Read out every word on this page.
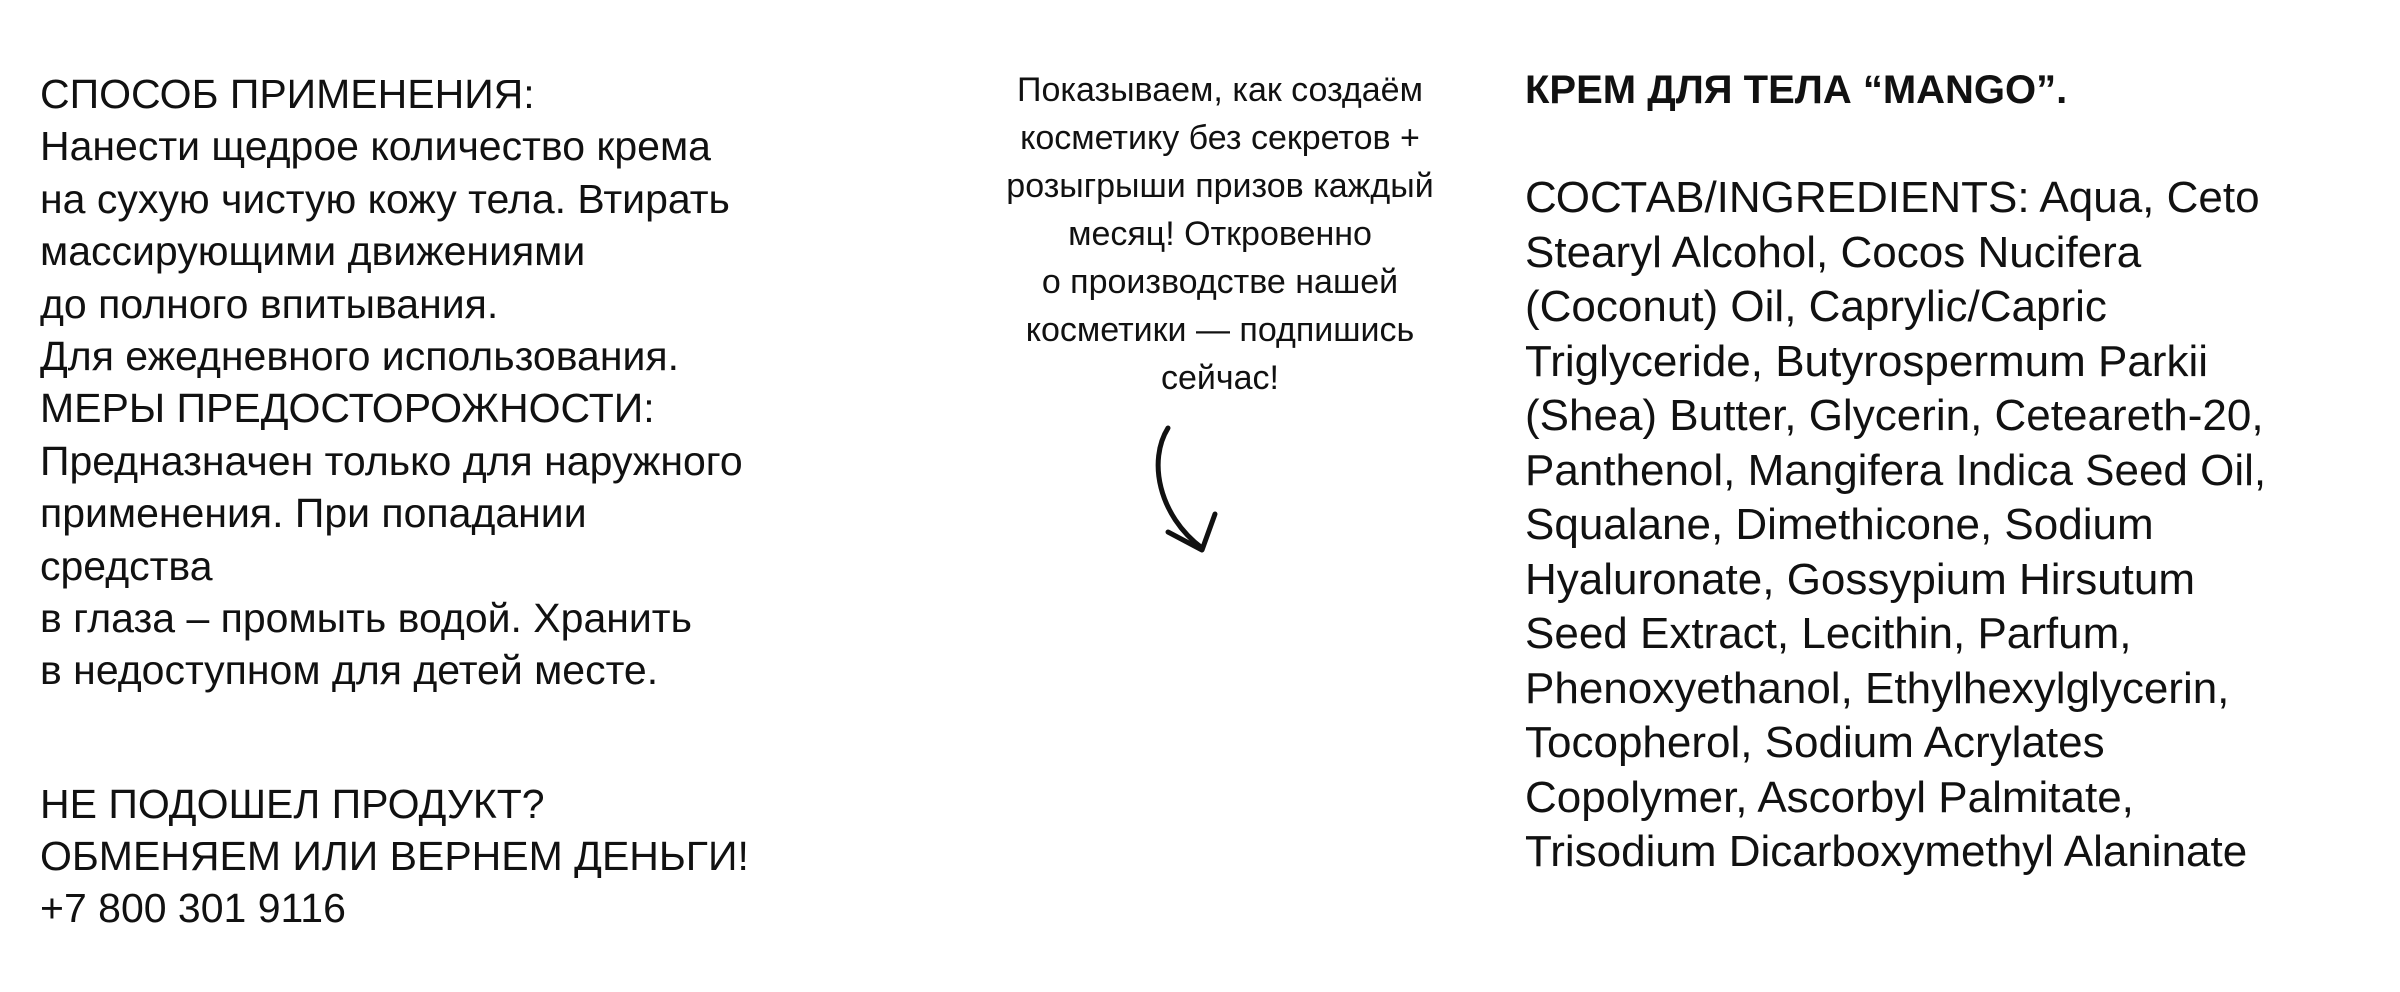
СПОСОБ ПРИМЕНЕНИЯ:
Нанести щедрое количество крема
на сухую чистую кожу тела. Втирать
массирующими движениями
до полного впитывания.
Для ежедневного использования.
МЕРЫ ПРЕДОСТОРОЖНОСТИ:
Предназначен только для наружного
применения. При попадании
средства
в глаза – промыть водой. Хранить
в недоступном для детей месте.
НЕ ПОДОШЕЛ ПРОДУКТ?
ОБМЕНЯЕМ ИЛИ ВЕРНЕМ ДЕНЬГИ!
+7 800 301 9116
Показываем, как создаём
косметику без секретов +
розыгрыши призов каждый
месяц! Откровенно
о производстве нашей
косметики — подпишись
сейчас!
КРЕМ ДЛЯ ТЕЛА “MANGO”.
СОСТАВ/INGREDIENTS: Aqua, Ceto
Stearyl Alcohol, Cocos Nucifera
(Coconut) Oil, Caprylic/Capric
Triglyceride, Butyrospermum Parkii
(Shea) Butter, Glycerin, Ceteareth-20,
Panthenol, Mangifera Indica Seed Oil,
Squalane, Dimethicone, Sodium
Hyaluronate, Gossypium Hirsutum
Seed Extract, Lecithin, Parfum,
Phenoxyethanol, Ethylhexylglycerin,
Tocopherol, Sodium Acrylates
Copolymer, Ascorbyl Palmitate,
Trisodium Dicarboxymethyl Alaninate
